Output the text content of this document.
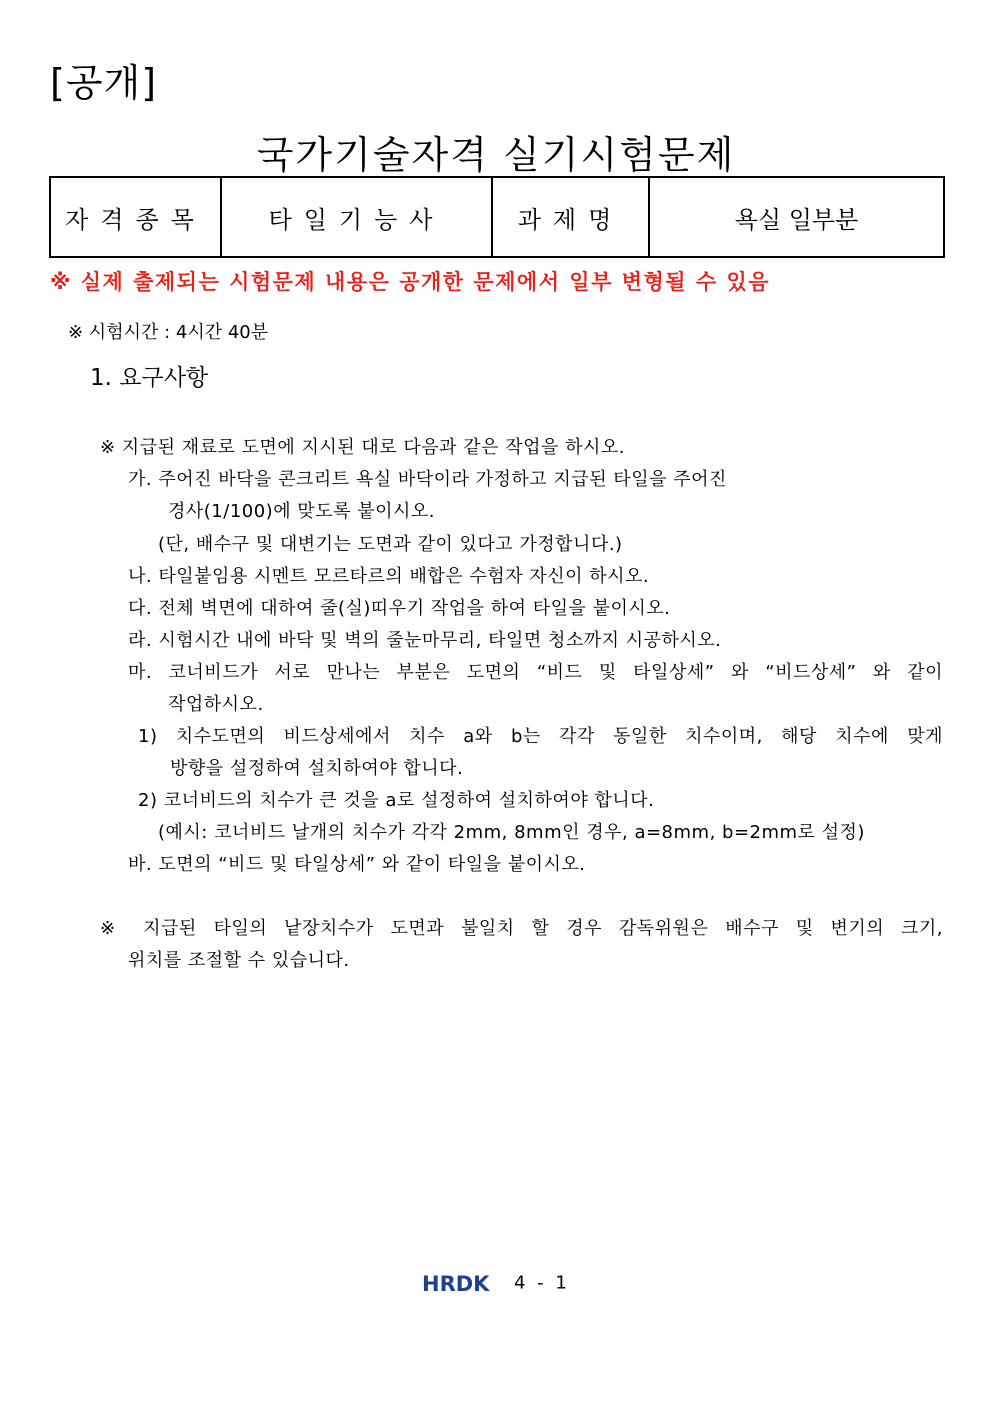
[공개]
국가기술자격 실기시험문제
자격종목	타일기능사	과제명	욕실 일부분
※ 실제 출제되는 시험문제 내용은 공개한 문제에서 일부 변형될 수 있음
※ 시험시간 : 4시간 40분
1. 요구사항
※ 지급된 재료로 도면에 지시된 대로 다음과 같은 작업을 하시오.
가. 주어진 바닥을 콘크리트 욕실 바닥이라 가정하고 지급된 타일을 주어진
경사(1/100)에 맞도록 붙이시오.
(단, 배수구 및 대변기는 도면과 같이 있다고 가정합니다.)
나. 타일붙임용 시멘트 모르타르의 배합은 수험자 자신이 하시오.
다. 전체 벽면에 대하여 줄(실)띠우기 작업을 하여 타일을 붙이시오.
라. 시험시간 내에 바닥 및 벽의 줄눈마무리, 타일면 청소까지 시공하시오.
마. 코너비드가 서로 만나는 부분은 도면의 “비드 및 타일상세” 와 “비드상세” 와 같이
작업하시오.
1) 치수도면의 비드상세에서 치수 a와 b는 각각 동일한 치수이며, 해당 치수에 맞게
방향을 설정하여 설치하여야 합니다.
2) 코너비드의 치수가 큰 것을 a로 설정하여 설치하여야 합니다.
(예시: 코너비드 날개의 치수가 각각 2mm, 8mm인 경우, a=8mm, b=2mm로 설정)
바. 도면의 “비드 및 타일상세” 와 같이 타일을 붙이시오.
※ 지급된 타일의 낱장치수가 도면과 불일치 할 경우 감독위원은 배수구 및 변기의 크기,
위치를 조절할 수 있습니다.
HRDK 4 - 1
